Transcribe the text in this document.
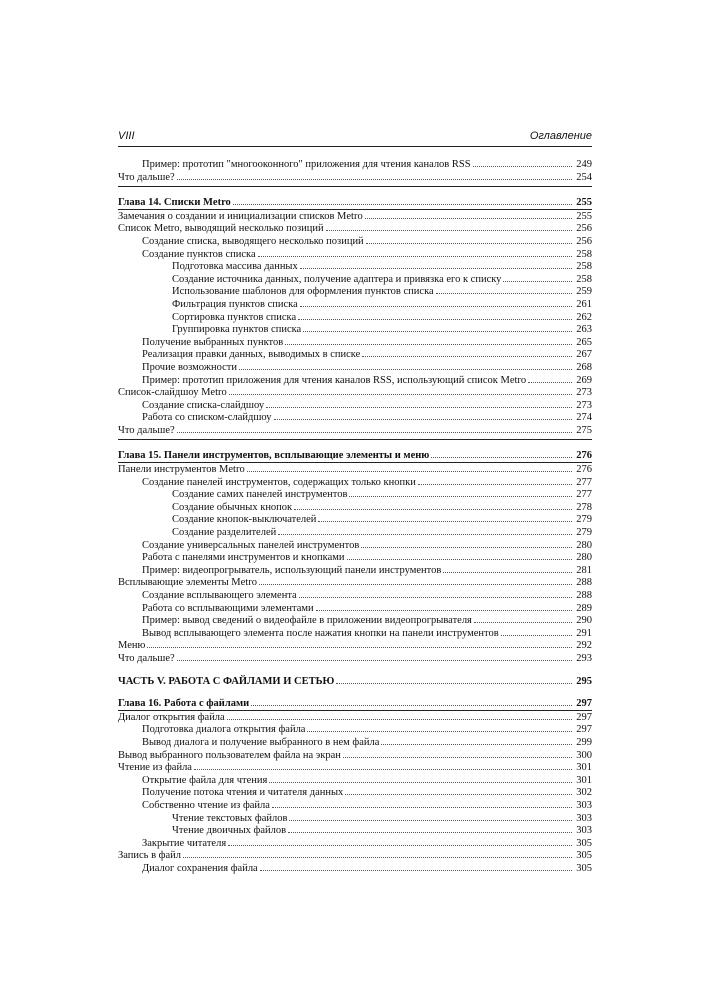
VIII	Оглавление
Пример: прототип "многооконного" приложения для чтения каналов RSS	249
Что дальше?	254
Глава 14. Списки Metro	255
Замечания о создании и инициализации списков Metro	255
Список Metro, выводящий несколько позиций	256
Создание списка, выводящего несколько позиций	256
Создание пунктов списка	258
Подготовка массива данных	258
Создание источника данных, получение адаптера и привязка его к списку	258
Использование шаблонов для оформления пунктов списка	259
Фильтрация пунктов списка	261
Сортировка пунктов списка	262
Группировка пунктов списка	263
Получение выбранных пунктов	265
Реализация правки данных, выводимых в списке	267
Прочие возможности	268
Пример: прототип приложения для чтения каналов RSS, использующий список Metro	269
Список-слайдшоу Metro	273
Создание списка-слайдшоу	273
Работа со списком-слайдшоу	274
Что дальше?	275
Глава 15. Панели инструментов, всплывающие элементы и меню	276
Панели инструментов Metro	276
Создание панелей инструментов, содержащих только кнопки	277
Создание самих панелей инструментов	277
Создание обычных кнопок	278
Создание кнопок-выключателей	279
Создание разделителей	279
Создание универсальных панелей инструментов	280
Работа с панелями инструментов и кнопками	280
Пример: видеопрогрыватель, использующий панели инструментов	281
Всплывающие элементы Metro	288
Создание всплывающего элемента	288
Работа со всплывающими элементами	289
Пример: вывод сведений о видеофайле в приложении видеопрогрывателя	290
Вывод всплывающего элемента после нажатия кнопки на панели инструментов	291
Меню	292
Что дальше?	293
ЧАСТЬ V. РАБОТА С ФАЙЛАМИ И СЕТЬЮ	295
Глава 16. Работа с файлами	297
Диалог открытия файла	297
Подготовка диалога открытия файла	297
Вывод диалога и получение выбранного в нем файла	299
Вывод выбранного пользователем файла на экран	300
Чтение из файла	301
Открытие файла для чтения	301
Получение потока чтения и читателя данных	302
Собственно чтение из файла	303
Чтение текстовых файлов	303
Чтение двоичных файлов	303
Закрытие читателя	305
Запись в файл	305
Диалог сохранения файла	305
